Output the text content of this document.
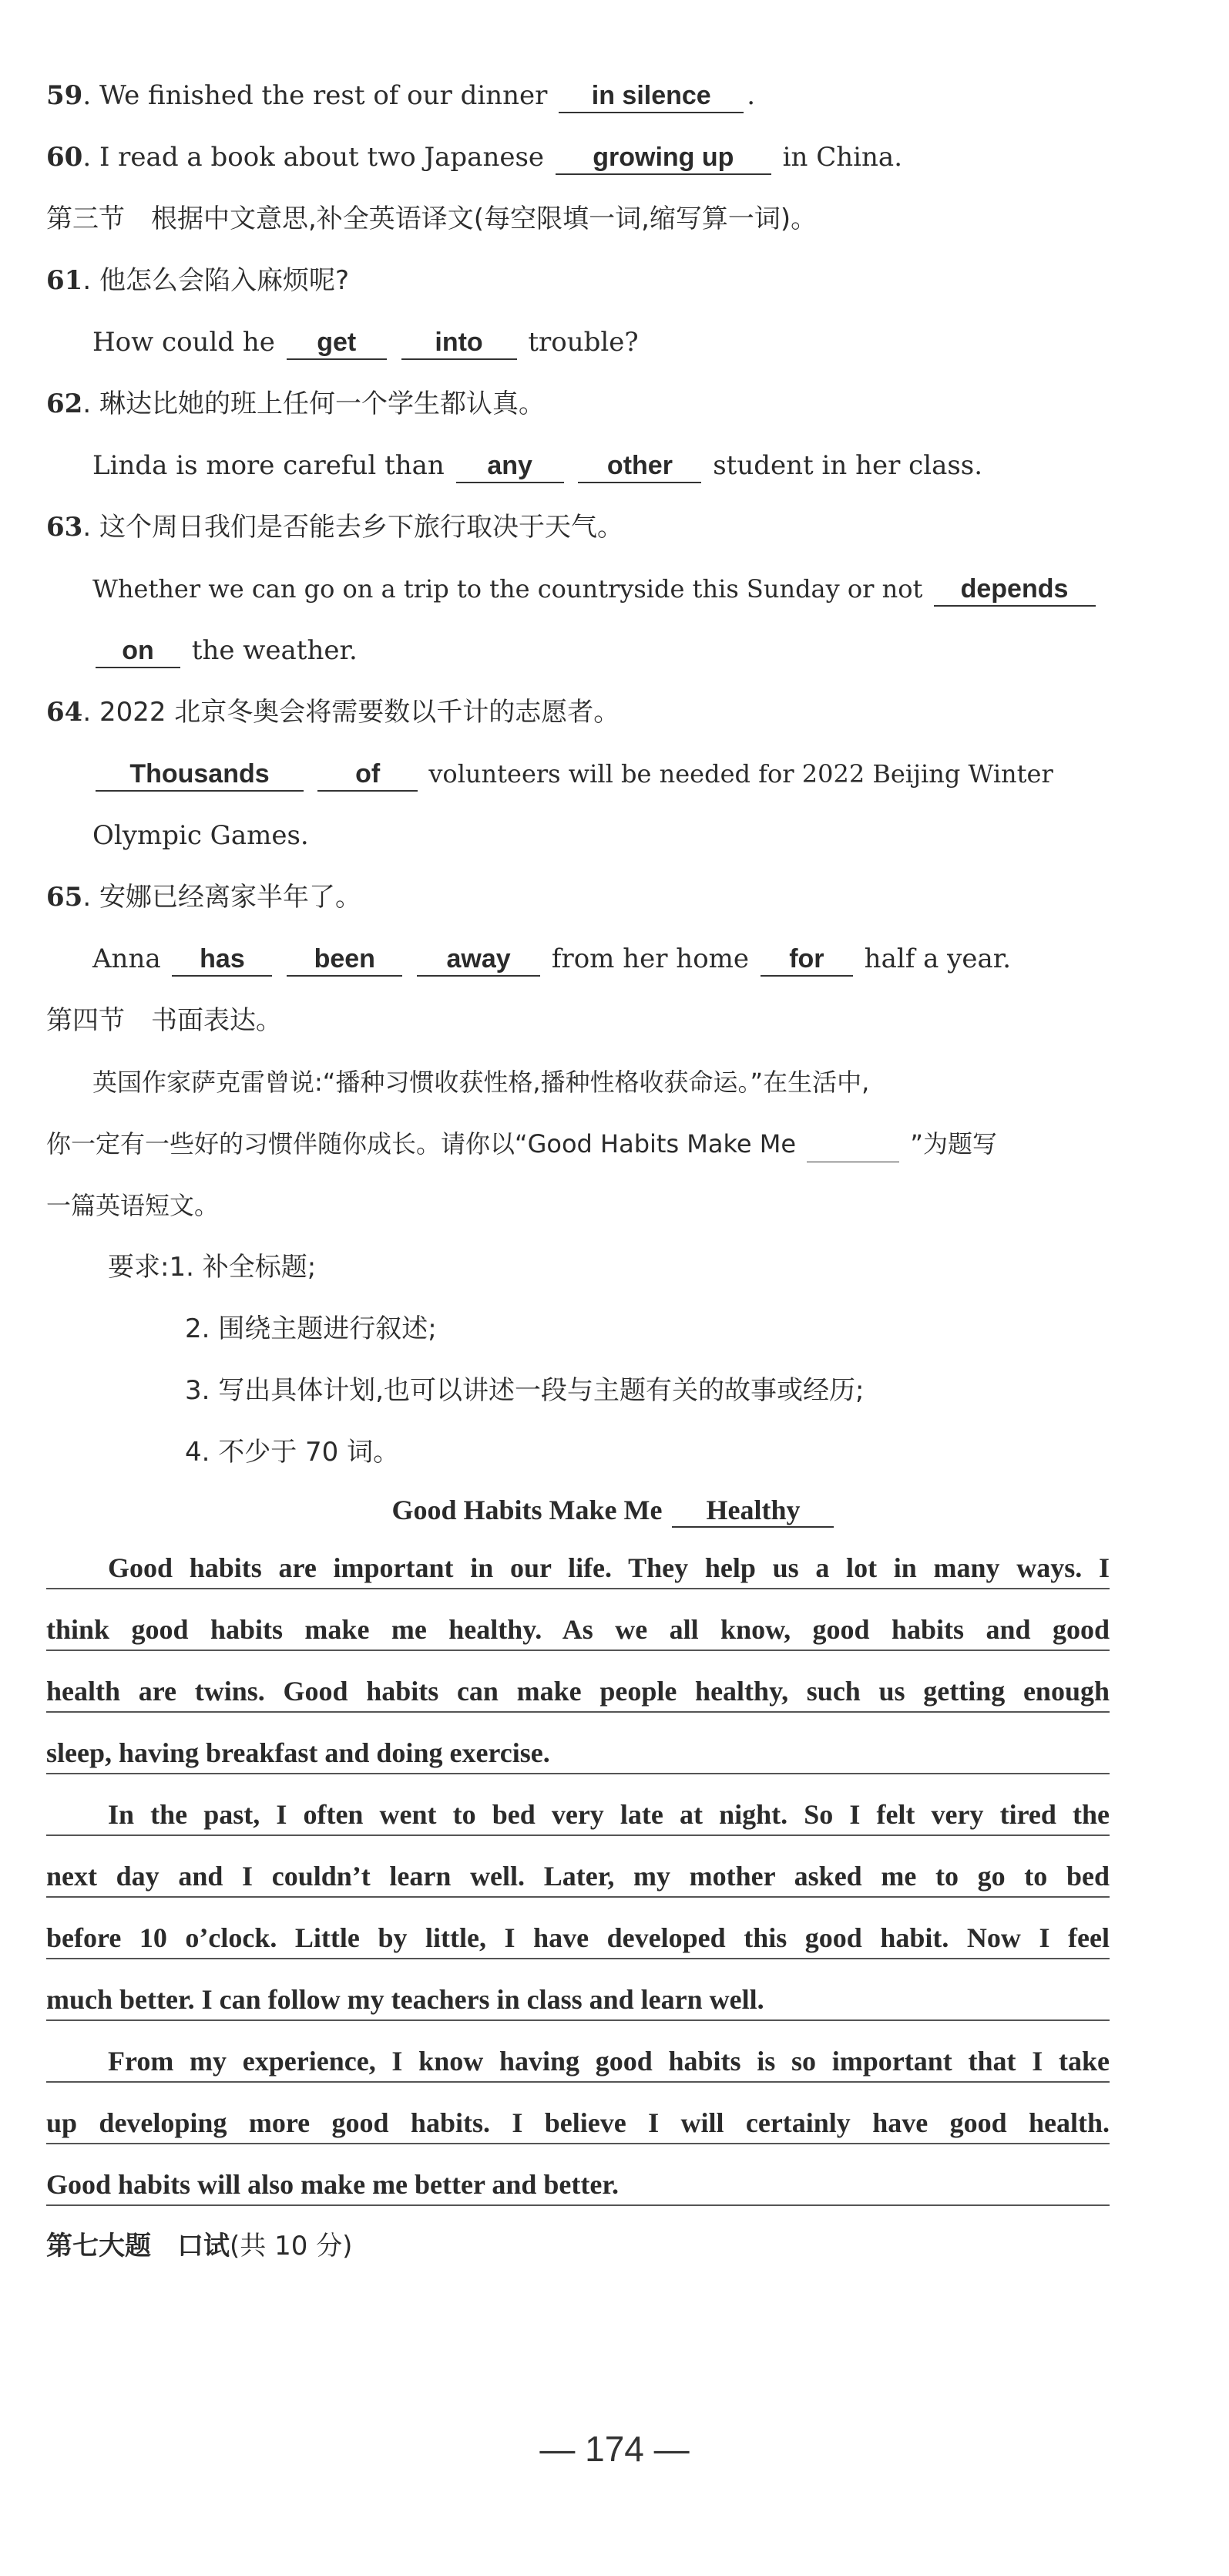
59. We finished the rest of our dinner in silence .
60. I read a book about two Japanese growing up in China.
第三节　根据中文意思,补全英语译文(每空限填一词,缩写算一词)。
61. 他怎么会陷入麻烦呢?
How could he get	into trouble?
62. 琳达比她的班上任何一个学生都认真。
Linda is more careful than any	other student in her class.
63. 这个周日我们是否能去乡下旅行取决于天气。
Whether we can go on a trip to the countryside this Sunday or not depends
on the weather.
64. 2022 北京冬奥会将需要数以千计的志愿者。
Thousands	of volunteers will be needed for 2022 Beijing Winter
Olympic Games.
65. 安娜已经离家半年了。
Anna has	been	away from her home for half a year.
第四节　书面表达。
英国作家萨克雷曾说:“播种习惯收获性格,播种性格收获命运。”在生活中,
你一定有一些好的习惯伴随你成长。请你以“Good Habits Make Me	”为题写
一篇英语短文。
要求:1. 补全标题;
2. 围绕主题进行叙述;
3. 写出具体计划,也可以讲述一段与主题有关的故事或经历;
4. 不少于 70 词。
Good Habits Make Me Healthy
Good habits are important in our life. They help us a lot in many ways. I
think good habits make me healthy. As we all know, good habits and good
health are twins. Good habits can make people healthy, such us getting enough
sleep, having breakfast and doing exercise.
In the past, I often went to bed very late at night. So I felt very tired the
next day and I couldn’t learn well. Later, my mother asked me to go to bed
before 10 o’clock. Little by little, I have developed this good habit. Now I feel
much better. I can follow my teachers in class and learn well.
From my experience, I know having good habits is so important that I take
up developing more good habits. I believe I will certainly have good health.
Good habits will also make me better and better.
第七大题　口试(共 10 分)
— 174 —
